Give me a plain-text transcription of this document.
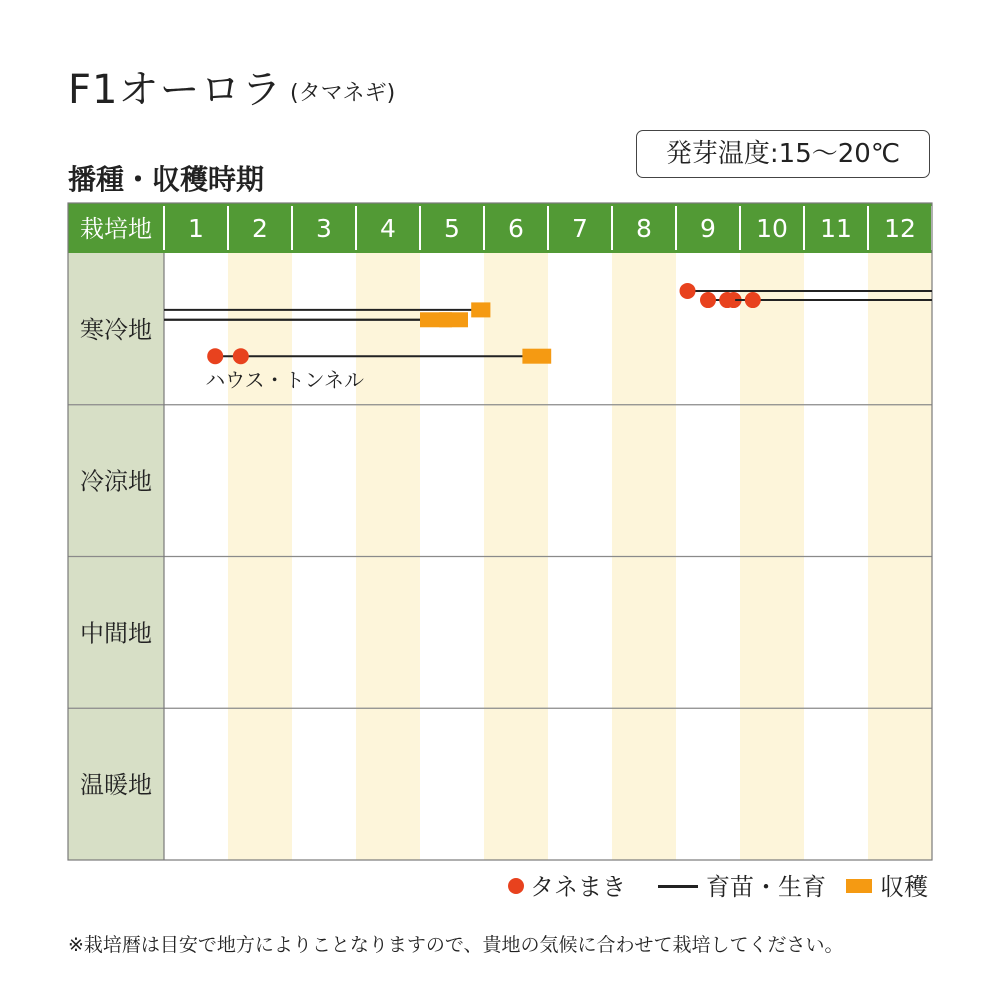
F1オーロラ (タマネギ)
播種・収穫時期
発芽温度:15～20℃
栽培地 1 2 3 4 5 6 7 8 9 10 11 12
寒冷地
冷涼地
中間地
温暖地
ハウス・トンネル
タネまき	育苗・生育	収穫
※栽培暦は目安で地方によりことなりますので、貴地の気候に合わせて栽培してください。
